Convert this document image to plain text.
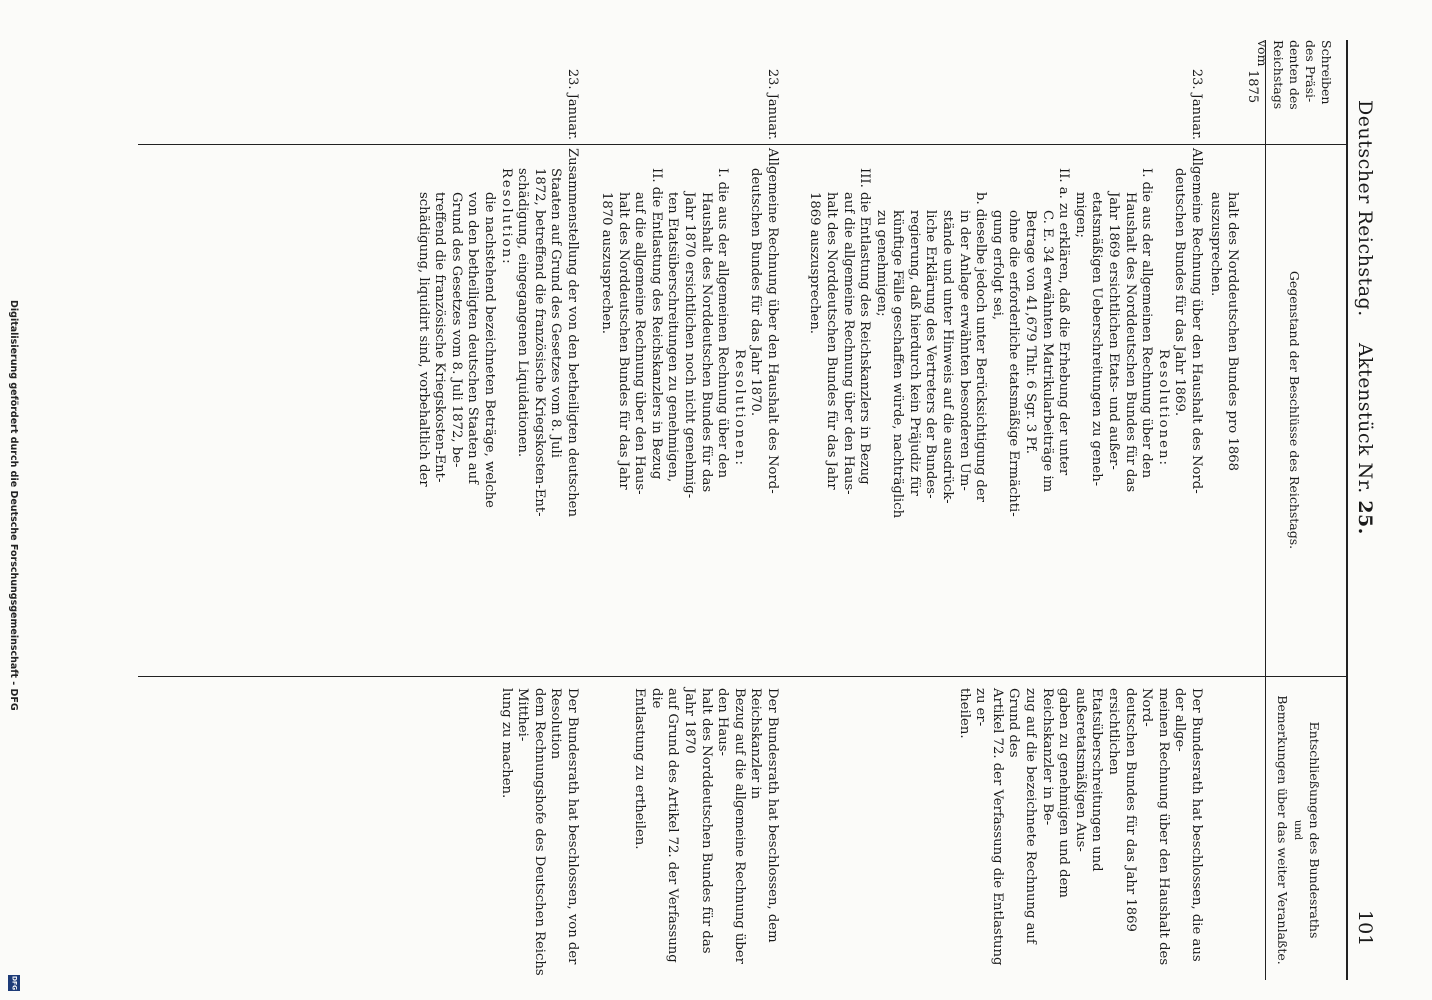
Digitalisierung gefördert durch die Deutsche Forschungsgemeinschaft - DFG
DFG
Deutscher Reichstag.    Aktenstück Nr. 25.
101
Schreiben
des Präsi-
denten des
Reichstags
vom
Gegenstand der Beschlüsse des Reichstags.
Entschließungen des Bundesraths
und
Bemerkungen über das weiter Veranlaßte.
1875

halt des Norddeutschen Bundes pro 1868

auszusprechen.

23. Januar.

Allgemeine Rechnung über den Haushalt des Nord-

deutschen Bundes für das Jahr 1869.

Resolutionen:

I. die aus der allgemeinen Rechnung über den

Haushalt des Norddeutschen Bundes für das

Jahr 1869 ersichtlichen Etats- und außer-

etatsmäßigen Ueberschreitungen zu geneh-

migen;

II. a. zu erklären, daß die Erhebung der unter

C. E. 34 erwähnten Matrikularbeiträge im

Betrage von 41,679 Thlr. 6 Sgr. 3 Pf.

ohne die erforderliche etatsmäßige Ermächti-

gung erfolgt sei,

b. dieselbe jedoch unter Berücksichtigung der

in der Anlage erwähnten besonderen Um-

stände und unter Hinweis auf die ausdrück-

liche Erklärung des Vertreters der Bundes-

regierung, daß hierdurch kein Präjudiz für

künftige Fälle geschaffen würde, nachträglich

zu genehmigen;

III. die Entlastung des Reichskanzlers in Bezug

auf die allgemeine Rechnung über den Haus-

halt des Norddeutschen Bundes für das Jahr

1869 auszusprechen.

Der Bundesrath hat beschlossen, die aus der allge-

meinen Rechnung über den Haushalt des Nord-

deutschen Bundes für das Jahr 1869 ersichtlichen

Etatsüberschreitungen und außeretatsmäßigen Aus-

gaben zu genehmigen und dem Reichskanzler in Be-

zug auf die bezeichnete Rechnung auf Grund des

Artikel 72. der Verfassung die Entlastung zu er-

theilen.

23. Januar.

Allgemeine Rechnung über den Haushalt des Nord-

deutschen Bundes für das Jahr 1870.

Resolutionen:

I. die aus der allgemeinen Rechnung über den

Haushalt des Norddeutschen Bundes für das

Jahr 1870 ersichtlichen noch nicht genehmig-

ten Etatsüberschreitungen zu genehmigen,

II. die Entlastung des Reichskanzlers in Bezug

auf die allgemeine Rechnung über den Haus-

halt des Norddeutschen Bundes für das Jahr

1870 auszusprechen.

Der Bundesrath hat beschlossen, dem Reichskanzler in

Bezug auf die allgemeine Rechnung über den Haus-

halt des Norddeutschen Bundes für das Jahr 1870

auf Grund des Artikel 72. der Verfassung die

Entlastung zu ertheilen.

23. Januar.

Zusammenstellung der von den betheiligten deutschen

Staaten auf Grund des Gesetzes vom 8. Juli

1872, betreffend die französische Kriegskosten-Ent-

schädigung, eingegangenen Liquidationen.

Resolution:

die nachstehend bezeichneten Beträge, welche

von den betheiligten deutschen Staaten auf

Grund des Gesetzes vom 8. Juli 1872, be-

treffend die französische Kriegskosten-Ent-

schädigung, liquidirt sind, vorbehaltlich der

Der Bundesrath hat beschlossen, von der Resolution

dem Rechnungshofe des Deutschen Reichs Mitthei-

lung zu machen.
